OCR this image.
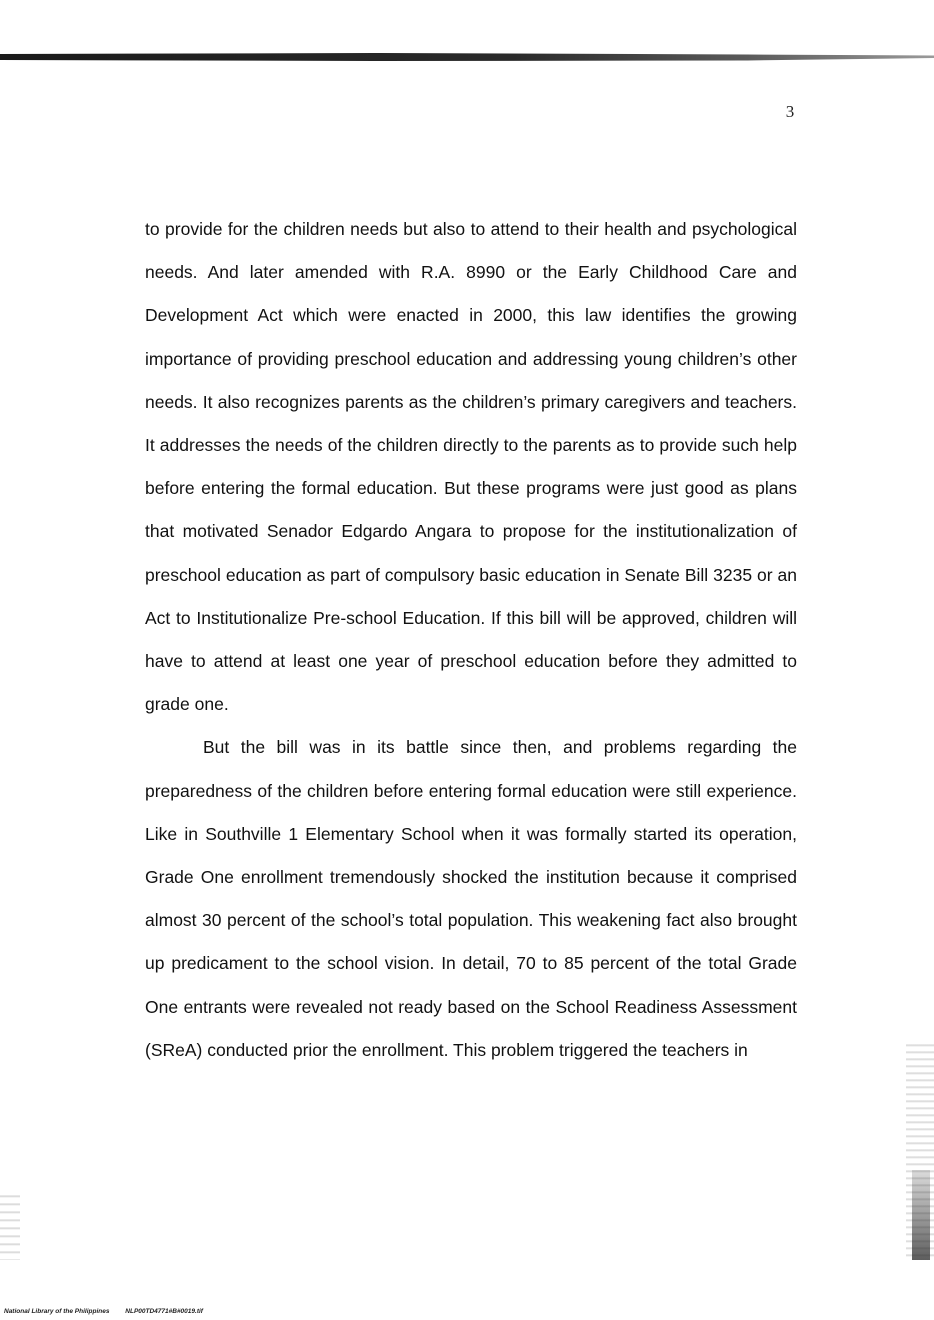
3

to provide for the children needs but also to attend to their health and psychological needs. And later amended with R.A. 8990 or the Early Childhood Care and Development Act which were enacted in 2000, this law identifies the growing importance of providing preschool education and addressing young children’s other needs. It also recognizes parents as the children’s primary caregivers and teachers. It addresses the needs of the children directly to the parents as to provide such help before entering the formal education. But these programs were just good as plans that motivated Senador Edgardo Angara to propose for the institutionalization of preschool education as part of compulsory basic education in Senate Bill 3235 or an Act to Institutionalize Pre-school Education. If this bill will be approved, children will have to attend at least one year of preschool education before they admitted to grade one.

But the bill was in its battle since then, and problems regarding the preparedness of the children before entering formal education were still experience. Like in Southville 1 Elementary School when it was formally started its operation, Grade One enrollment tremendously shocked the institution because it comprised almost 30 percent of the school’s total population. This weakening fact also brought up predicament to the school vision. In detail, 70 to 85 percent of the total Grade One entrants were revealed not ready based on the School Readiness Assessment (SReA) conducted prior the enrollment. This problem triggered the teachers in

National Library of the Philippines NLP00TD4771#B#0019.tif
